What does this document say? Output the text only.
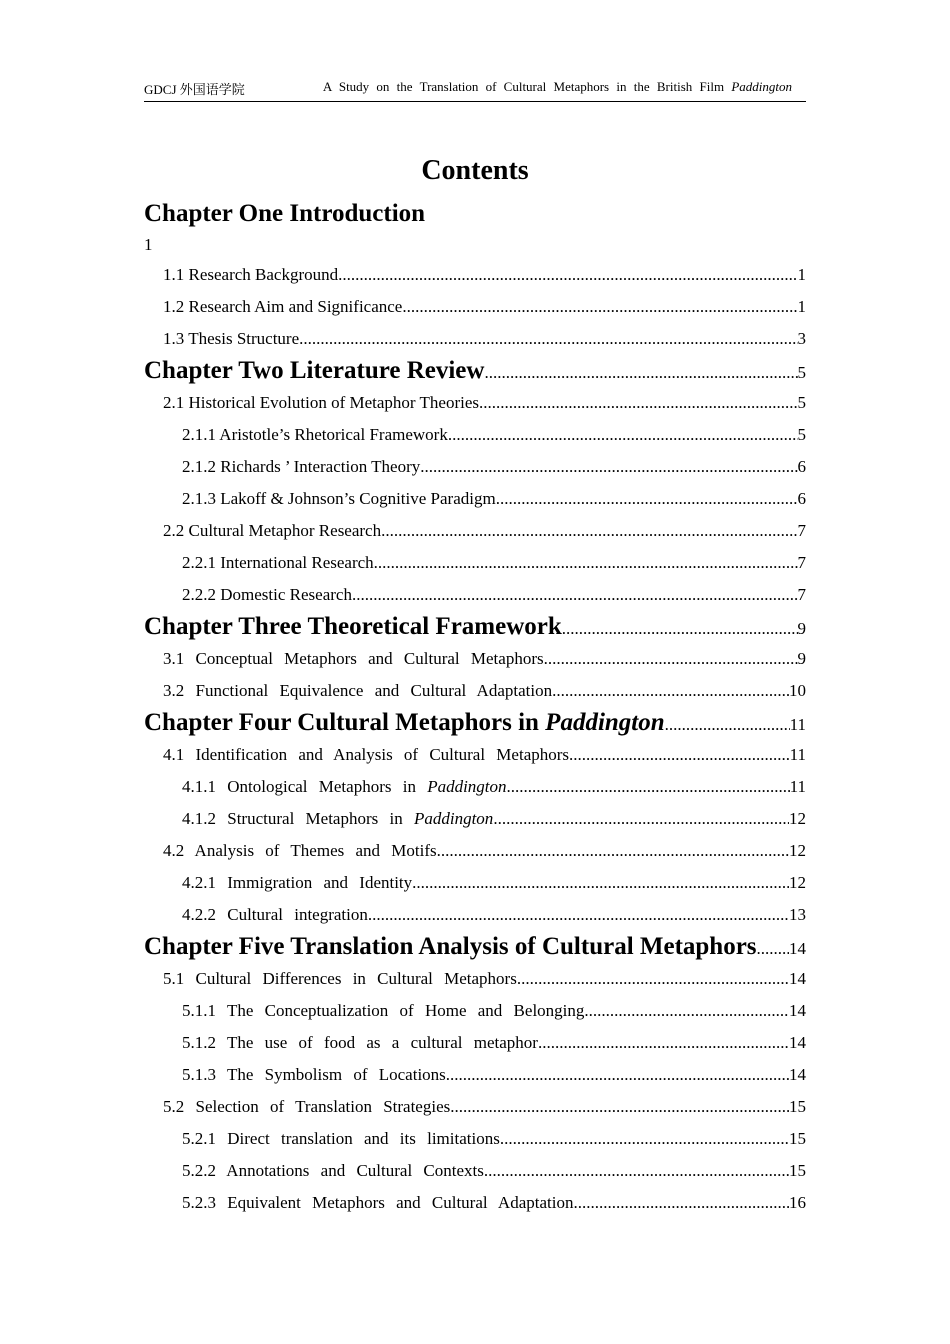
GDCJ 外国语学院	A Study on the Translation of Cultural Metaphors in the British Film Paddington
Contents
Chapter One Introduction
1
1.1 Research Background .....	1
1.2 Research Aim and Significance .....	1
1.3 Thesis Structure .....	3
Chapter Two Literature Review .....	5
2.1 Historical Evolution of Metaphor Theories .....	5
2.1.1 Aristotle’s Rhetorical Framework .....	5
2.1.2 Richards ’ Interaction Theory .....	6
2.1.3 Lakoff & Johnson’s Cognitive Paradigm .....	6
2.2 Cultural Metaphor Research .....	7
2.2.1 International Research .....	7
2.2.2 Domestic Research .....	7
Chapter Three Theoretical Framework .....	9
3.1 Conceptual Metaphors and Cultural Metaphors .....	9
3.2 Functional Equivalence and Cultural Adaptation .....	10
Chapter Four Cultural Metaphors in Paddington .....	11
4.1 Identification and Analysis of Cultural Metaphors .....	11
4.1.1 Ontological Metaphors in Paddington .....	11
4.1.2 Structural Metaphors in Paddington .....	12
4.2 Analysis of Themes and Motifs .....	12
4.2.1 Immigration and Identity .....	12
4.2.2 Cultural integration .....	13
Chapter Five Translation Analysis of Cultural Metaphors ..... 14
5.1 Cultural Differences in Cultural Metaphors .....	14
5.1.1 The Conceptualization of Home and Belonging .....	14
5.1.2 The use of food as a cultural metaphor .....	14
5.1.3 The Symbolism of Locations .....	14
5.2 Selection of Translation Strategies .....	15
5.2.1 Direct translation and its limitations .....	15
5.2.2 Annotations and Cultural Contexts .....	15
5.2.3 Equivalent Metaphors and Cultural Adaptation .....	16
